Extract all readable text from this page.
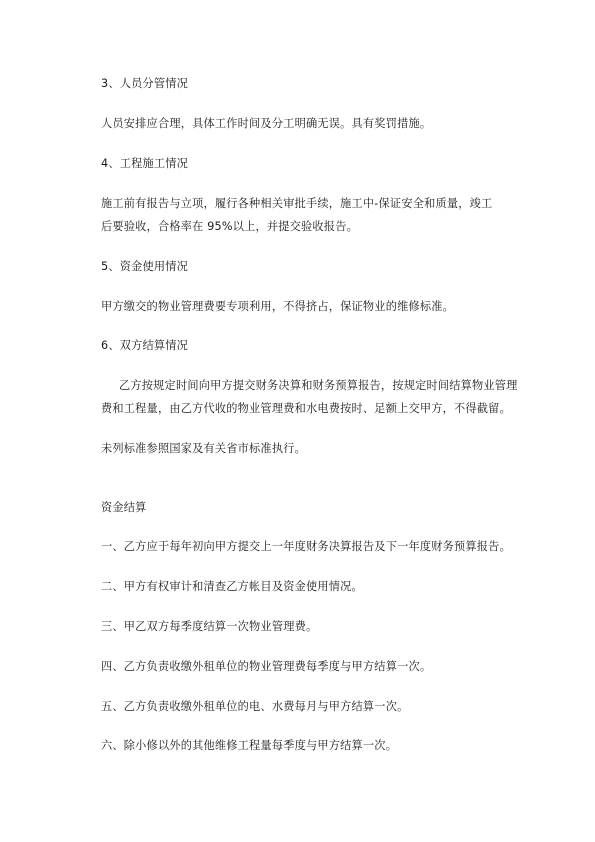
3、人员分管情况
人员安排应合理，具体工作时间及分工明确无误。具有奖罚措施。
4、工程施工情况
施工前有报告与立项，履行各种相关审批手续，施工中-保证安全和质量，竣工
后要验收，合格率在 95%以上，并提交验收报告。
5、资金使用情况
甲方缴交的物业管理费要专项利用，不得挤占，保证物业的维修标准。
6、双方结算情况
乙方按规定时间向甲方提交财务决算和财务预算报告，按规定时间结算物业管理
费和工程量，由乙方代收的物业管理费和水电费按时、足额上交甲方，不得截留。
未列标准参照国家及有关省市标准执行。
资金结算
一、乙方应于每年初向甲方提交上一年度财务决算报告及下一年度财务预算报告。
二、甲方有权审计和清查乙方帐目及资金使用情况。
三、甲乙双方每季度结算一次物业管理费。
四、乙方负责收缴外租单位的物业管理费每季度与甲方结算一次。
五、乙方负责收缴外租单位的电、水费每月与甲方结算一次。
六、除小修以外的其他维修工程量每季度与甲方结算一次。
